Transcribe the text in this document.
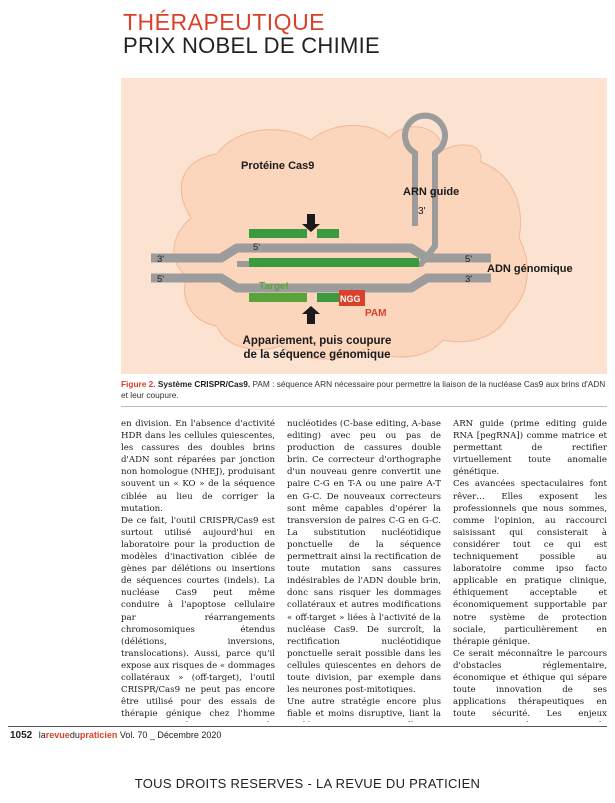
THÉRAPEUTIQUE
PRIX NOBEL DE CHIMIE
Protéine Cas9
ARN guide
3'
ADN génomique
3'	5'
5'	3'
5'
Target
NGG
PAM
Appariement, puis coupure
de la séquence génomique
Figure 2. Système CRISPR/Cas9. PAM : séquence ARN nécessaire pour permettre la liaison de la nucléase Cas9 aux brins d'ADN et leur coupure.

en division. En l'absence d'activité HDR dans les cellules quiescentes, les cassures des doubles brins d'ADN sont réparées par jonction non homologue (NHEJ), produisant souvent un « KO » de la séquence ciblée au lieu de corriger la mutation.

De ce fait, l'outil CRISPR/Cas9 est surtout utilisé aujourd'hui en laboratoire pour la production de modèles d'inactivation ciblée de gènes par délétions ou insertions de séquences courtes (indels). La nucléase Cas9 peut même conduire à l'apoptose cellulaire par réarrangements chromosomiques étendus (délétions, inversions, translocations). Aussi, parce qu'il expose aux risques de « dommages collatéraux » (off-target), l'outil CRISPR/Cas9 ne peut pas encore être utilisé pour des essais de thérapie génique chez l'homme

nucléotides (C-base editing, A-base editing) avec peu ou pas de production de cassures double brin. Ce correcteur d'orthographe d'un nouveau genre convertit une paire C-G en T-A ou une paire A-T en G-C. De nouveaux correcteurs sont même capables d'opérer la transversion de paires C-G en G-C. La substitution nucléotidique ponctuelle de la séquence permettrait ainsi la rectification de toute mutation sans cassures indésirables de l'ADN double brin, donc sans risquer les dommages collatéraux et autres modifications « off-target » liées à l'activité de la nucléase Cas9. De surcroît, la rectification nucléotidique ponctuelle serait possible dans les cellules quiescentes en dehors de toute division, par exemple dans les neurones post-mitotiques.

Une autre stratégie encore plus fiable et moins disruptive, liant la

ARN guide (prime editing guide RNA [pegRNA]) comme matrice et permettant de rectifier virtuellement toute anomalie génétique.

Ces avancées spectaculaires font rêver… Elles exposent les professionnels que nous sommes, comme l'opinion, au raccourci saisissant qui consisterait à considérer tout ce qui est techniquement possible au laboratoire comme ipso facto applicable en pratique clinique, éthiquement acceptable et économiquement supportable par notre système de protection sociale, particulièrement en thérapie génique.

Ce serait méconnaître le parcours d'obstacles réglementaire, économique et éthique qui sépare toute innovation de ses applications thérapeutiques en toute sécurité. Les enjeux

1052 larevuedupraticien Vol. 70 _ Décembre 2020
TOUS DROITS RESERVES - LA REVUE DU PRATICIEN
